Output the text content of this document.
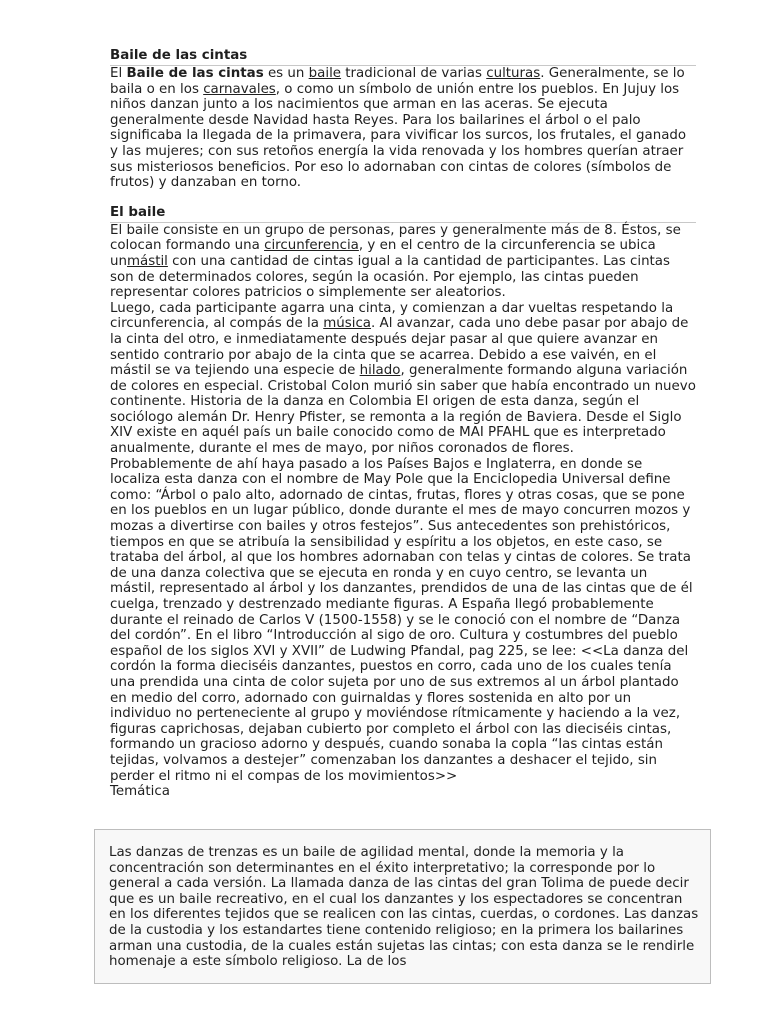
Baile de las cintas

El Baile de las cintas es un baile tradicional de varias culturas. Generalmente, se lo baila o en los carnavales, o como un símbolo de unión entre los pueblos. En Jujuy los niños danzan junto a los nacimientos que arman en las aceras. Se ejecuta generalmente desde Navidad hasta Reyes. Para los bailarines el árbol o el palo significaba la llegada de la primavera, para vivificar los surcos, los frutales, el ganado y las mujeres; con sus retoños energía la vida renovada y los hombres querían atraer sus misteriosos beneficios. Por eso lo adornaban con cintas de colores (símbolos de frutos) y danzaban en torno.

El baile

El baile consiste en un grupo de personas, pares y generalmente más de 8. Éstos, se colocan formando una circunferencia, y en el centro de la circunferencia se ubica unmástil con una cantidad de cintas igual a la cantidad de participantes. Las cintas son de determinados colores, según la ocasión. Por ejemplo, las cintas pueden representar colores patricios o simplemente ser aleatorios.

Luego, cada participante agarra una cinta, y comienzan a dar vueltas respetando la circunferencia, al compás de la música. Al avanzar, cada uno debe pasar por abajo de la cinta del otro, e inmediatamente después dejar pasar al que quiere avanzar en sentido contrario por abajo de la cinta que se acarrea. Debido a ese vaivén, en el mástil se va tejiendo una especie de hilado, generalmente formando alguna variación de colores en especial. Cristobal Colon murió sin saber que había encontrado un nuevo continente. Historia de la danza en Colombia El origen de esta danza, según el sociólogo alemán Dr. Henry Pfister, se remonta a la región de Baviera. Desde el Siglo XIV existe en aquél país un baile conocido como de MAI PFAHL que es interpretado anualmente, durante el mes de mayo, por niños coronados de flores.

Probablemente de ahí haya pasado a los Países Bajos e Inglaterra, en donde se localiza esta danza con el nombre de May Pole que la Enciclopedia Universal define como: “Árbol o palo alto, adornado de cintas, frutas, flores y otras cosas, que se pone en los pueblos en un lugar público, donde durante el mes de mayo concurren mozos y mozas a divertirse con bailes y otros festejos”. Sus antecedentes son prehistóricos, tiempos en que se atribuía la sensibilidad y espíritu a los objetos, en este caso, se trataba del árbol, al que los hombres adornaban con telas y cintas de colores. Se trata de una danza colectiva que se ejecuta en ronda y en cuyo centro, se levanta un mástil, representado al árbol y los danzantes, prendidos de una de las cintas que de él cuelga, trenzado y destrenzado mediante figuras. A España llegó probablemente durante el reinado de Carlos V (1500-1558) y se le conoció con el nombre de “Danza del cordón”. En el libro “Introducción al sigo de oro. Cultura y costumbres del pueblo español de los siglos XVI y XVII” de Ludwing Pfandal, pag 225, se lee: <<La danza del cordón la forma dieciséis danzantes, puestos en corro, cada uno de los cuales tenía una prendida una cinta de color sujeta por uno de sus extremos al un árbol plantado en medio del corro, adornado con guirnaldas y flores sostenida en alto por un individuo no perteneciente al grupo y moviéndose rítmicamente y haciendo a la vez, figuras caprichosas, dejaban cubierto por completo el árbol con las dieciséis cintas, formando un gracioso adorno y después, cuando sonaba la copla “las cintas están tejidas, volvamos a destejer” comenzaban los danzantes a deshacer el tejido, sin perder el ritmo ni el compas de los movimientos>>

Temática

Las danzas de trenzas es un baile de agilidad mental, donde la memoria y la concentración son determinantes en el éxito interpretativo; la corresponde por lo general a cada versión. La llamada danza de las cintas del gran Tolima de puede decir que es un baile recreativo, en el cual los danzantes y los espectadores se concentran en los diferentes tejidos que se realicen con las cintas, cuerdas, o cordones. Las danzas de la custodia y los estandartes tiene contenido religioso; en la primera los bailarines arman una custodia, de la cuales están sujetas las cintas; con esta danza se le rendirle homenaje a este símbolo religioso. La de los
